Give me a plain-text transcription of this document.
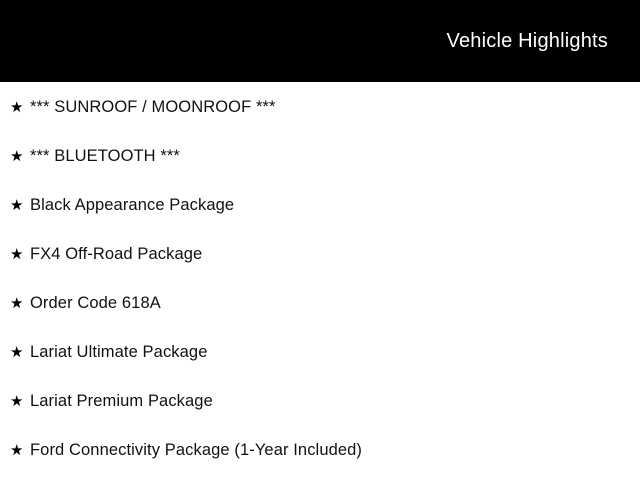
Vehicle Highlights
★ *** SUNROOF / MOONROOF ***
★ *** BLUETOOTH ***
★ Black Appearance Package
★ FX4 Off-Road Package
★ Order Code 618A
★ Lariat Ultimate Package
★ Lariat Premium Package
★ Ford Connectivity Package (1-Year Included)
